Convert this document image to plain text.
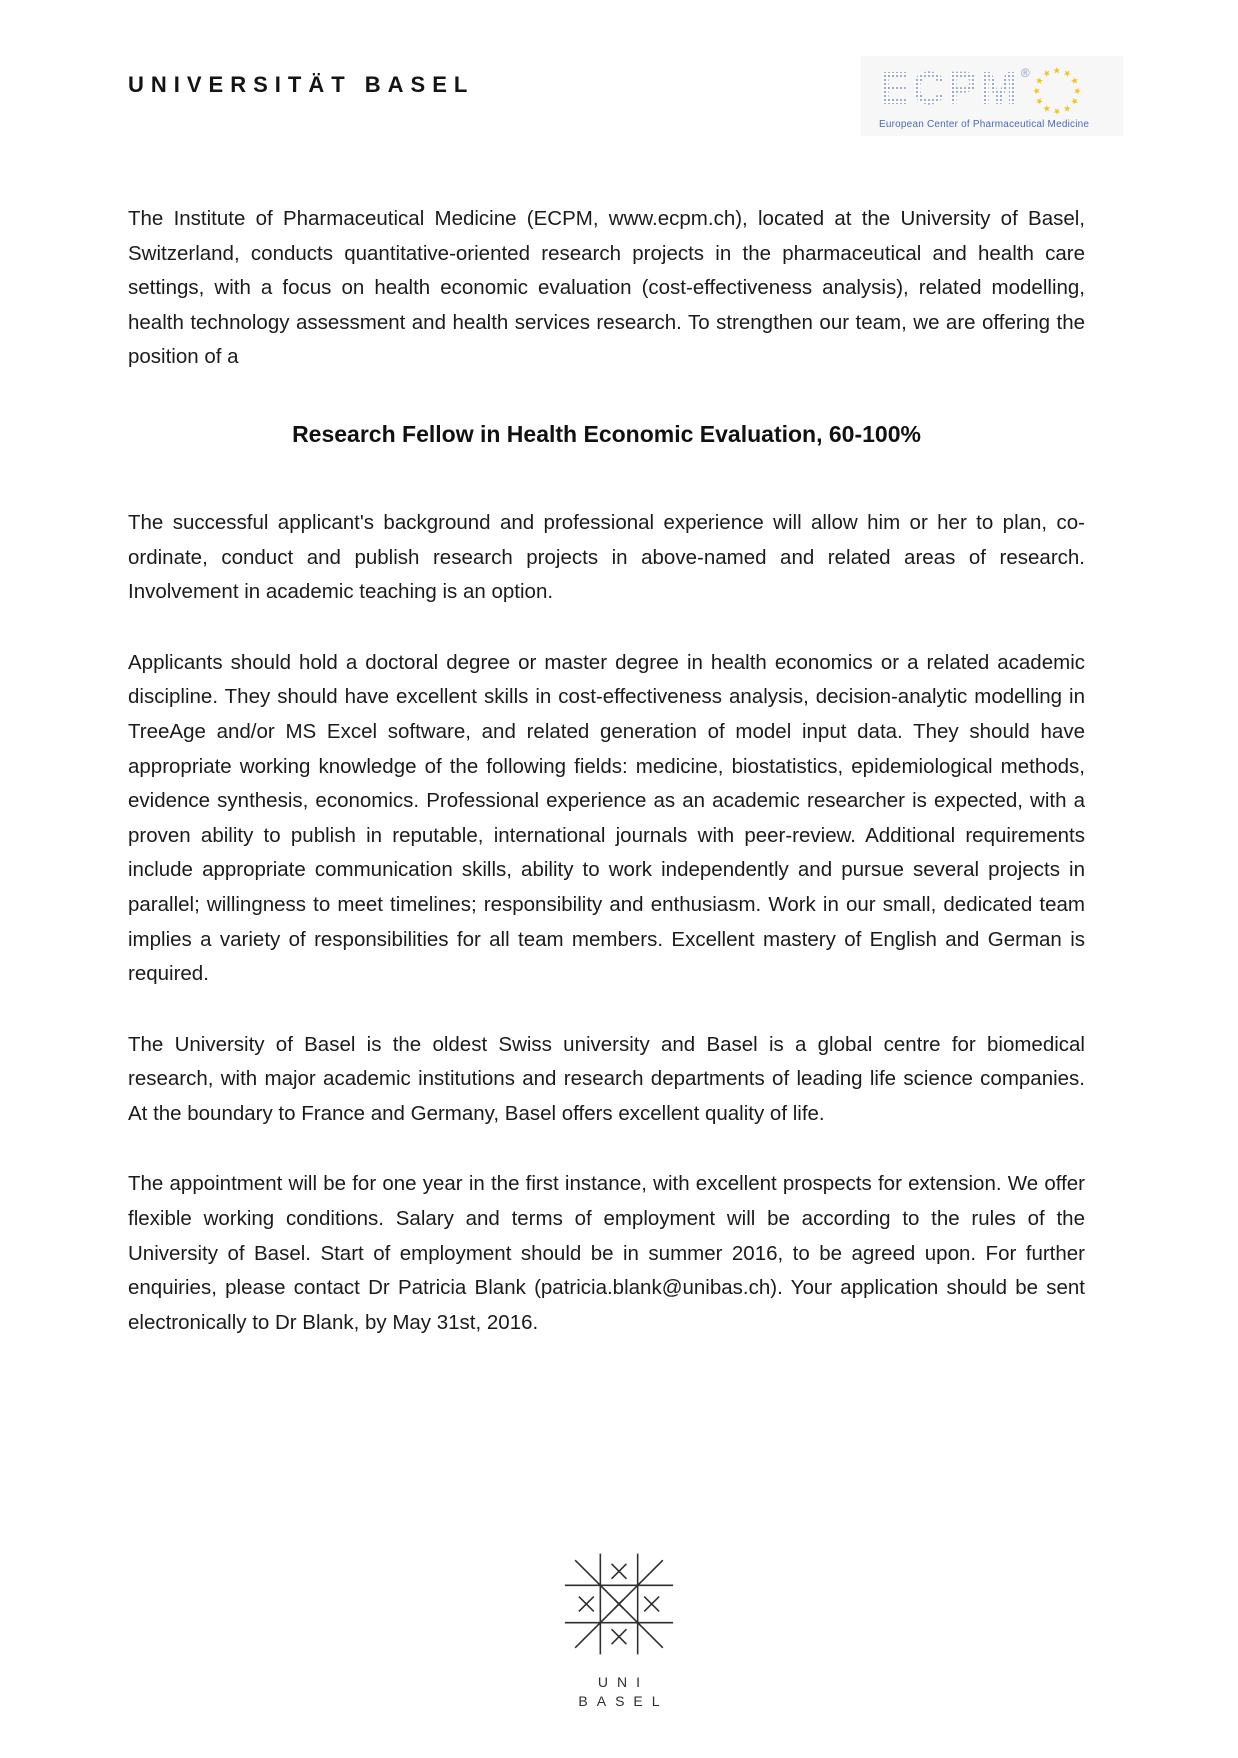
UNIVERSITÄT BASEL	ECPM ®	★ ★
★
★
★
★
★
★
★
★
★
★
European Center of Pharmaceutical Medicine

The Institute of Pharmaceutical Medicine (ECPM, www.ecpm.ch), located at the University of Basel, Switzerland, conducts quantitative-oriented research projects in the pharmaceutical and health care settings, with a focus on health economic evaluation (cost-effectiveness analysis), related modelling, health technology assessment and health services research. To strengthen our team, we are offering the position of a

Research Fellow in Health Economic Evaluation, 60-100%

The successful applicant's background and professional experience will allow him or her to plan, co-ordinate, conduct and publish research projects in above-named and related areas of research. Involvement in academic teaching is an option.

Applicants should hold a doctoral degree or master degree in health economics or a related academic discipline. They should have excellent skills in cost-effectiveness analysis, decision-analytic modelling in TreeAge and/or MS Excel software, and related generation of model input data. They should have appropriate working knowledge of the following fields: medicine, biostatistics, epidemiological methods, evidence synthesis, economics. Professional experience as an academic researcher is expected, with a proven ability to publish in reputable, international journals with peer-review. Additional requirements include appropriate communication skills, ability to work independently and pursue several projects in parallel; willingness to meet timelines; responsibility and enthusiasm. Work in our small, dedicated team implies a variety of responsibilities for all team members. Excellent mastery of English and German is required.

The University of Basel is the oldest Swiss university and Basel is a global centre for biomedical research, with major academic institutions and research departments of leading life science companies. At the boundary to France and Germany, Basel offers excellent quality of life.

The appointment will be for one year in the first instance, with excellent prospects for extension. We offer flexible working conditions. Salary and terms of employment will be according to the rules of the University of Basel. Start of employment should be in summer 2016, to be agreed upon. For further enquiries, please contact Dr Patricia Blank (patricia.blank@unibas.ch). Your application should be sent electronically to Dr Blank, by May 31st, 2016.

UNI
BASEL
